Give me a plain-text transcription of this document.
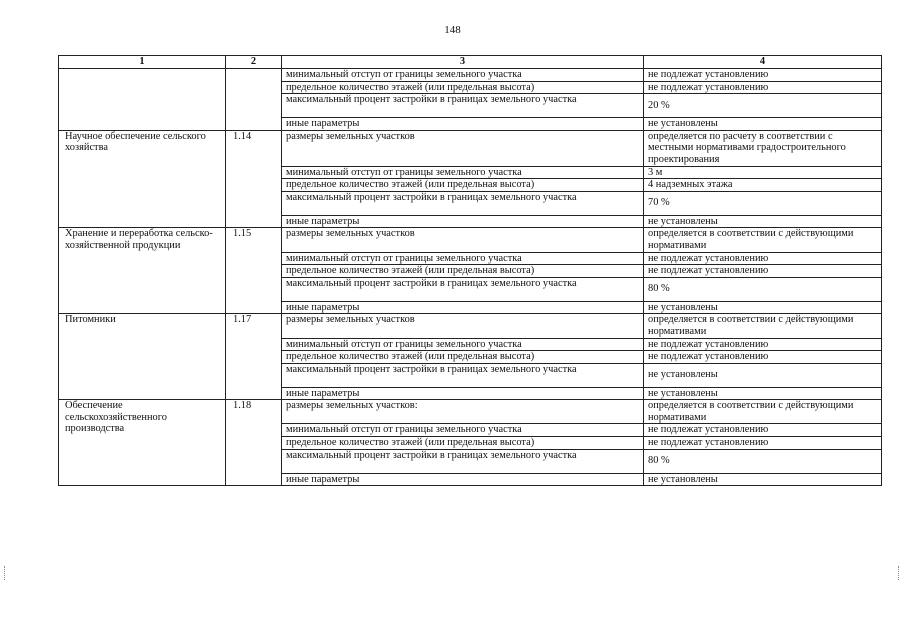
148
1	2	3	4
		минимальный отступ от границы земельного участка	не подлежат установлению
		предельное количество этажей (или предельная высота)	не подлежат установлению
		максимальный процент застройки в границах земельного участка	20 %
		иные параметры	не установлены
Научное обеспечение сельского хозяйства	1.14	размеры земельных участков	определяется по расчету в соответствии с местными нормативами градостроительного проектирования
		минимальный отступ от границы земельного участка	3 м
		предельное количество этажей (или предельная высота)	4 надземных этажа
		максимальный процент застройки в границах земельного участка	70 %
		иные параметры	не установлены
Хранение и переработка сельско-хозяйственной продукции	1.15	размеры земельных участков	определяется в соответствии с действующими нормативами
		минимальный отступ от границы земельного участка	не подлежат установлению
		предельное количество этажей (или предельная высота)	не подлежат установлению
		максимальный процент застройки в границах земельного участка	80 %
		иные параметры	не установлены
Питомники	1.17	размеры земельных участков	определяется в соответствии с действующими нормативами
		минимальный отступ от границы земельного участка	не подлежат установлению
		предельное количество этажей (или предельная высота)	не подлежат установлению
		максимальный процент застройки в границах земельного участка	не установлены
		иные параметры	не установлены
Обеспечение сельскохозяйственного производства	1.18	размеры земельных участков:	определяется в соответствии с действующими нормативами
		минимальный отступ от границы земельного участка	не подлежат установлению
		предельное количество этажей (или предельная высота)	не подлежат установлению
		максимальный процент застройки в границах земельного участка	80 %
		иные параметры	не установлены
